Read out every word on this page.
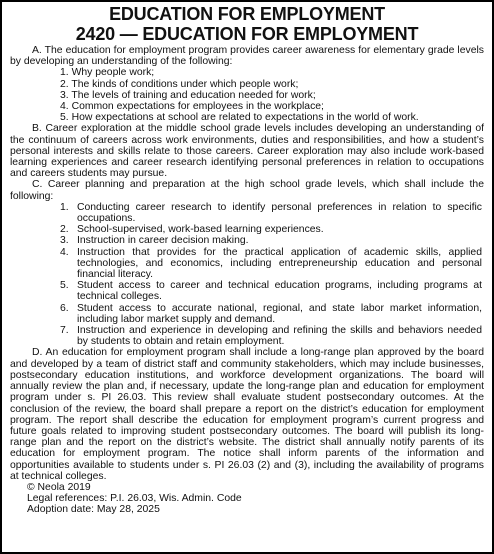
EDUCATION FOR EMPLOYMENT
2420 — EDUCATION FOR EMPLOYMENT

A. The education for employment program provides career awareness for elementary grade levels by developing an understanding of the following:

1. Why people work;
2. The kinds of conditions under which people work;
3. The levels of training and education needed for work;
4. Common expectations for employees in the workplace;
5. How expectations at school are related to expectations in the world of work.

B. Career exploration at the middle school grade levels includes developing an understanding of the continuum of careers across work environments, duties and responsibilities, and how a student’s personal interests and skills relate to those careers. Career exploration may also include work-based learning experiences and career research identifying personal preferences in relation to occupations and careers students may pursue.

C. Career planning and preparation at the high school grade levels, which shall include the following:

1. Conducting career research to identify personal preferences in relation to specific occupations.
2. School-supervised, work-based learning experiences.
3. Instruction in career decision making.
4. Instruction that provides for the practical application of academic skills, applied technologies, and economics, including entrepreneurship education and personal financial literacy.
5. Student access to career and technical education programs, including programs at technical colleges.
6. Student access to accurate national, regional, and state labor market information, including labor market supply and demand.
7. Instruction and experience in developing and refining the skills and behaviors needed by students to obtain and retain employment.

D. An education for employment program shall include a long-range plan approved by the board and developed by a team of district staff and community stakeholders, which may include businesses, postsecondary education institutions, and workforce development organizations. The board will annually review the plan and, if necessary, update the long-range plan and education for employment program under s. PI 26.03. This review shall evaluate student postsecondary outcomes. At the conclusion of the review, the board shall prepare a report on the district’s education for employment program. The report shall describe the education for employment program’s current progress and future goals related to improving student postsecondary outcomes. The board will publish its long-range plan and the report on the district’s website. The district shall annually notify parents of its education for employment program. The notice shall inform parents of the information and opportunities available to students under s. PI 26.03 (2) and (3), including the availability of programs at technical colleges.

© Neola 2019

Legal references: P.I. 26.03, Wis. Admin. Code

Adoption date: May 28, 2025
